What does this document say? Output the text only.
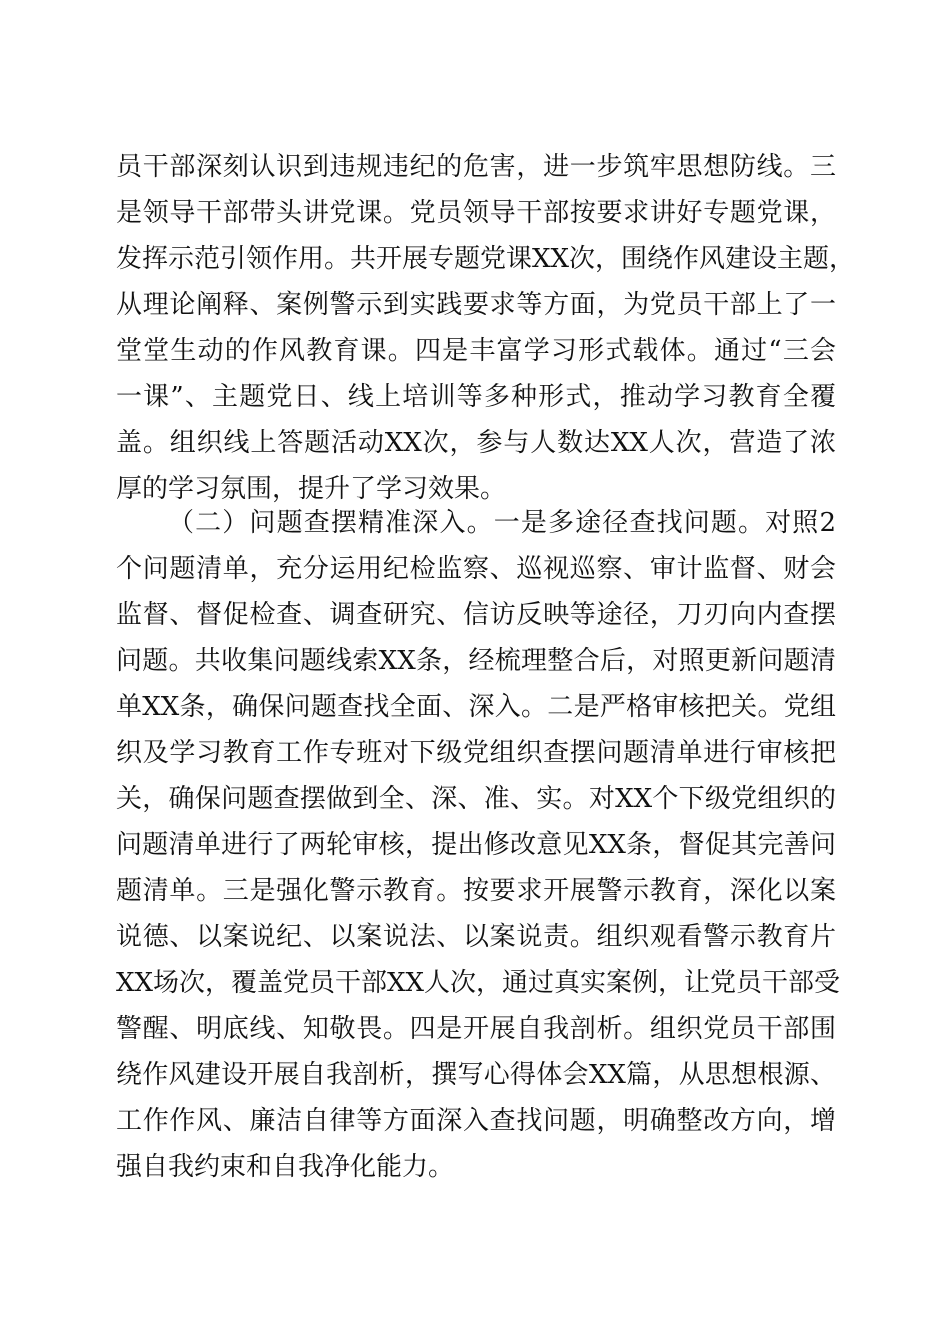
员干部深刻认识到违规违纪的危害，进一步筑牢思想防线。三
是领导干部带头讲党课。党员领导干部按要求讲好专题党课，
发挥示范引领作用。共开展专题党课XX次，围绕作风建设主题，
从理论阐释、案例警示到实践要求等方面，为党员干部上了一
堂堂生动的作风教育课。四是丰富学习形式载体。通过“三会
一课”、主题党日、线上培训等多种形式，推动学习教育全覆
盖。组织线上答题活动XX次，参与人数达XX人次，营造了浓
厚的学习氛围，提升了学习效果。
（二）问题查摆精准深入。一是多途径查找问题。对照2
个问题清单，充分运用纪检监察、巡视巡察、审计监督、财会
监督、督促检查、调查研究、信访反映等途径，刀刃向内查摆
问题。共收集问题线索XX条，经梳理整合后，对照更新问题清
单XX条，确保问题查找全面、深入。二是严格审核把关。党组
织及学习教育工作专班对下级党组织查摆问题清单进行审核把
关，确保问题查摆做到全、深、准、实。对XX个下级党组织的
问题清单进行了两轮审核，提出修改意见XX条，督促其完善问
题清单。三是强化警示教育。按要求开展警示教育，深化以案
说德、以案说纪、以案说法、以案说责。组织观看警示教育片
XX场次，覆盖党员干部XX人次，通过真实案例，让党员干部受
警醒、明底线、知敬畏。四是开展自我剖析。组织党员干部围
绕作风建设开展自我剖析，撰写心得体会XX篇，从思想根源、
工作作风、廉洁自律等方面深入查找问题，明确整改方向，增
强自我约束和自我净化能力。
